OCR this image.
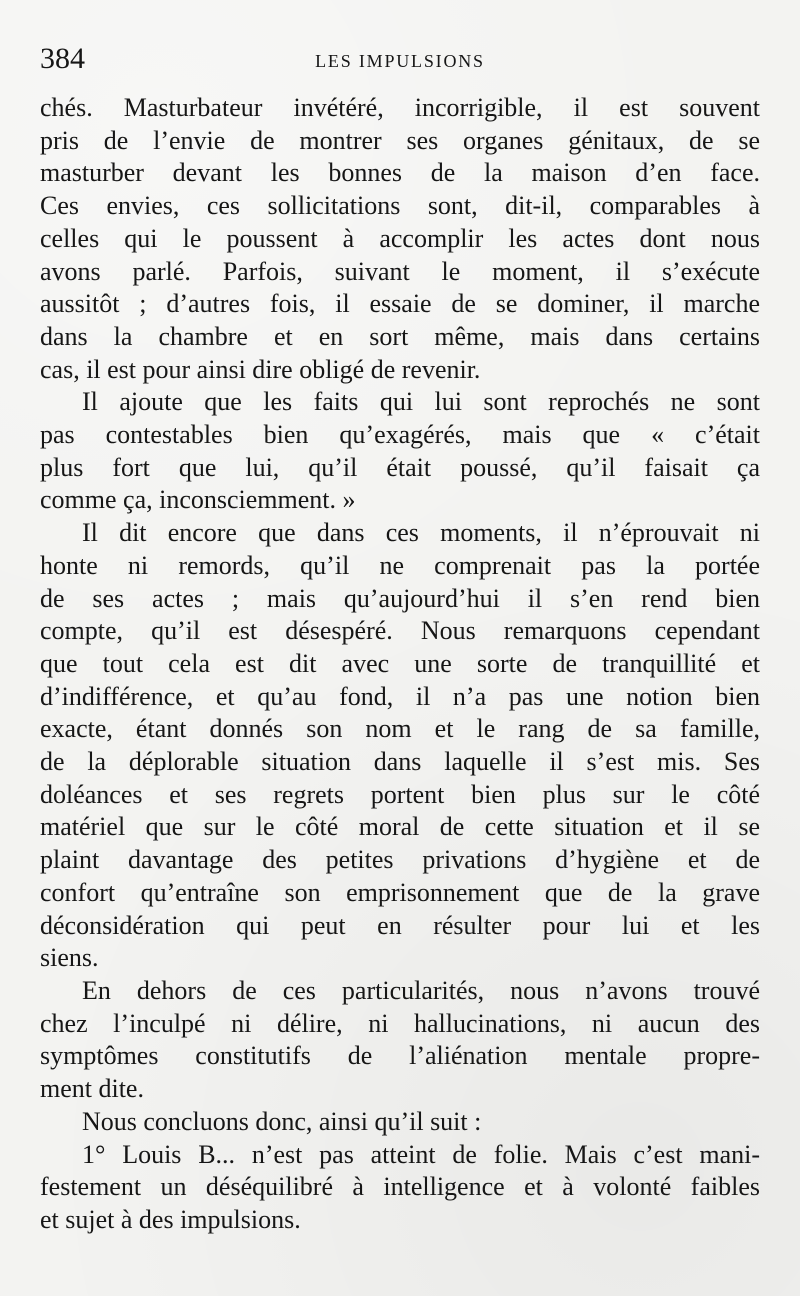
384	LES IMPULSIONS
chés. Masturbateur invétéré, incorrigible, il est souvent
pris de l’envie de montrer ses organes génitaux, de se
masturber devant les bonnes de la maison d’en face.
Ces envies, ces sollicitations sont, dit-il, comparables à
celles qui le poussent à accomplir les actes dont nous
avons parlé. Parfois, suivant le moment, il s’exécute
aussitôt ; d’autres fois, il essaie de se dominer, il marche
dans la chambre et en sort même, mais dans certains
cas, il est pour ainsi dire obligé de revenir.
Il ajoute que les faits qui lui sont reprochés ne sont
pas contestables bien qu’exagérés, mais que « c’était
plus fort que lui, qu’il était poussé, qu’il faisait ça
comme ça, inconsciemment. »
Il dit encore que dans ces moments, il n’éprouvait ni
honte ni remords, qu’il ne comprenait pas la portée
de ses actes ; mais qu’aujourd’hui il s’en rend bien
compte, qu’il est désespéré. Nous remarquons cependant
que tout cela est dit avec une sorte de tranquillité et
d’indifférence, et qu’au fond, il n’a pas une notion bien
exacte, étant donnés son nom et le rang de sa famille,
de la déplorable situation dans laquelle il s’est mis. Ses
doléances et ses regrets portent bien plus sur le côté
matériel que sur le côté moral de cette situation et il se
plaint davantage des petites privations d’hygiène et de
confort qu’entraîne son emprisonnement que de la grave
déconsidération qui peut en résulter pour lui et les
siens.
En dehors de ces particularités, nous n’avons trouvé
chez l’inculpé ni délire, ni hallucinations, ni aucun des
symptômes constitutifs de l’aliénation mentale propre-
ment dite.
Nous concluons donc, ainsi qu’il suit :
1° Louis B... n’est pas atteint de folie. Mais c’est mani-
festement un déséquilibré à intelligence et à volonté faibles
et sujet à des impulsions.
